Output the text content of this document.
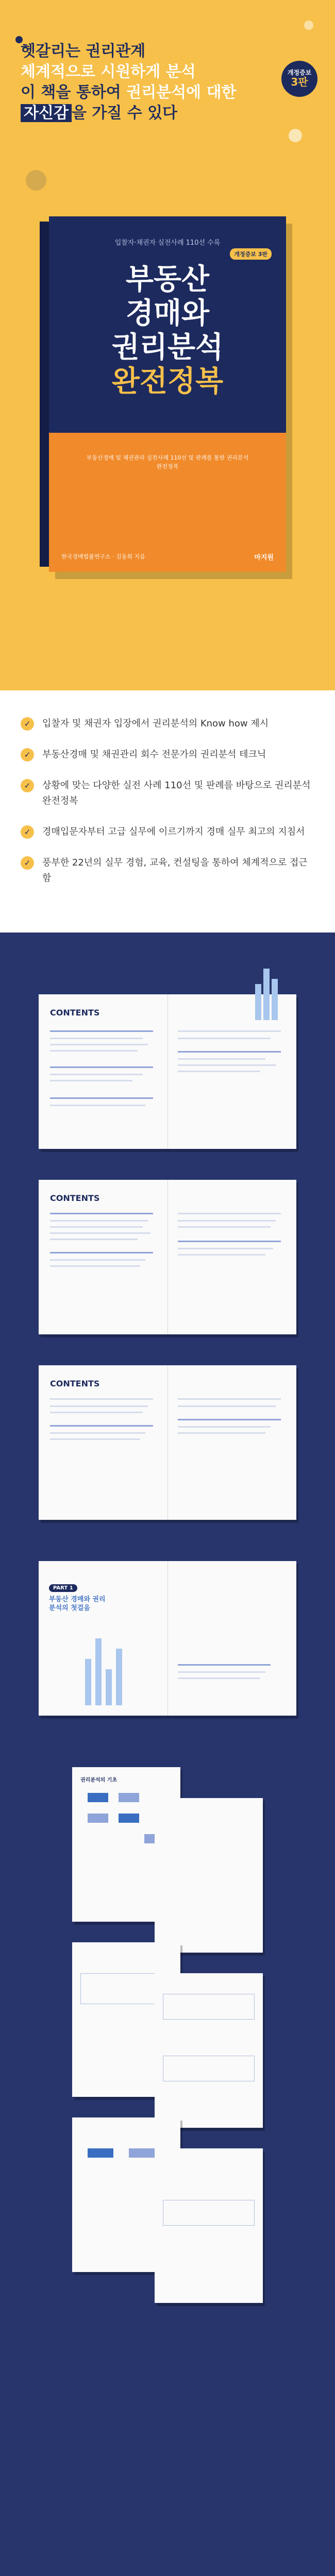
헷갈리는 권리관계
체계적으로 시원하게 분석
이 책을 통하여 권리분석에 대한
자신감 을 가질 수 있다
개정증보
3판
입찰자·채권자 실전사례 110선 수록
개정증보 3판
부동산
경매와
권리분석
완전정복
부동산경매 및 채권관리 실전사례 110선 및 판례를 통한 권리분석 완전정복
한국경매법률연구소 · 김동희 지음	마지원
✓	입찰자 및 채권자 입장에서 권리분석의 Know how 제시
✓	부동산경매 및 채권관리 회수 전문가의 권리분석 테크닉
✓	상황에 맞는 다양한 실전 사례 110선 및 판례를 바탕으로 권리분석 완전정복
✓	경매입문자부터 고급 실무에 이르기까지 경매 실무 최고의 지침서
✓	풍부한 22년의 실무 경험, 교육, 컨설팅을 통하여 체계적으로 접근함
CONTENTS
CONTENTS
CONTENTS
PART 1
부동산 경매와 권리분석의 첫걸음
권리분석의 기초
